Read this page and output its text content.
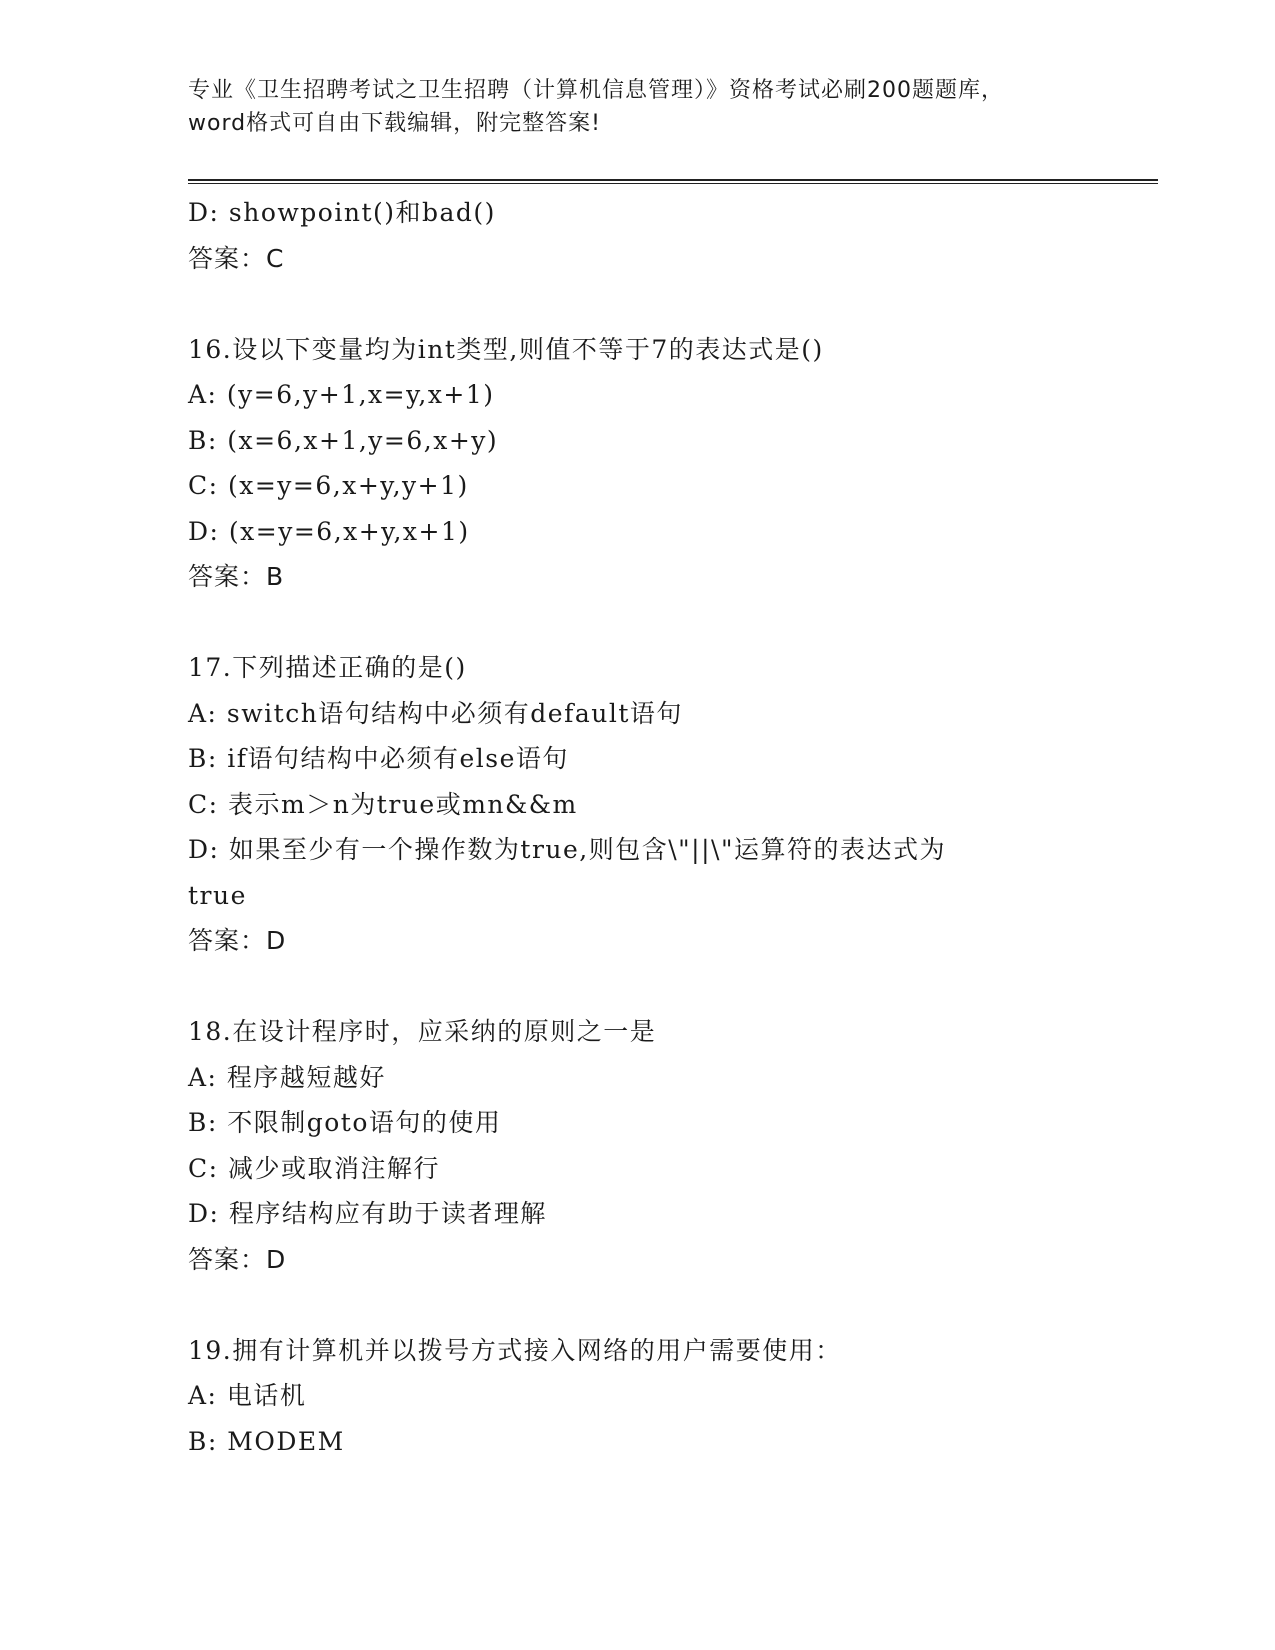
专业《卫生招聘考试之卫生招聘（计算机信息管理）》资格考试必刷200题题库，
word格式可自由下载编辑，附完整答案!
D: showpoint()和bad()
答案：C
16.设以下变量均为int类型,则值不等于7的表达式是()
A: (y=6,y+1,x=y,x+1)
B: (x=6,x+1,y=6,x+y)
C: (x=y=6,x+y,y+1)
D: (x=y=6,x+y,x+1)
答案：B
17.下列描述正确的是()
A: switch语句结构中必须有default语句
B: if语句结构中必须有else语句
C: 表示m＞n为true或mn&&m
D: 如果至少有一个操作数为true,则包含\"||\"运算符的表达式为
true
答案：D
18.在设计程序时，应采纳的原则之一是
A: 程序越短越好
B: 不限制goto语句的使用
C: 减少或取消注解行
D: 程序结构应有助于读者理解
答案：D
19.拥有计算机并以拨号方式接入网络的用户需要使用：
A: 电话机
B: MODEM
